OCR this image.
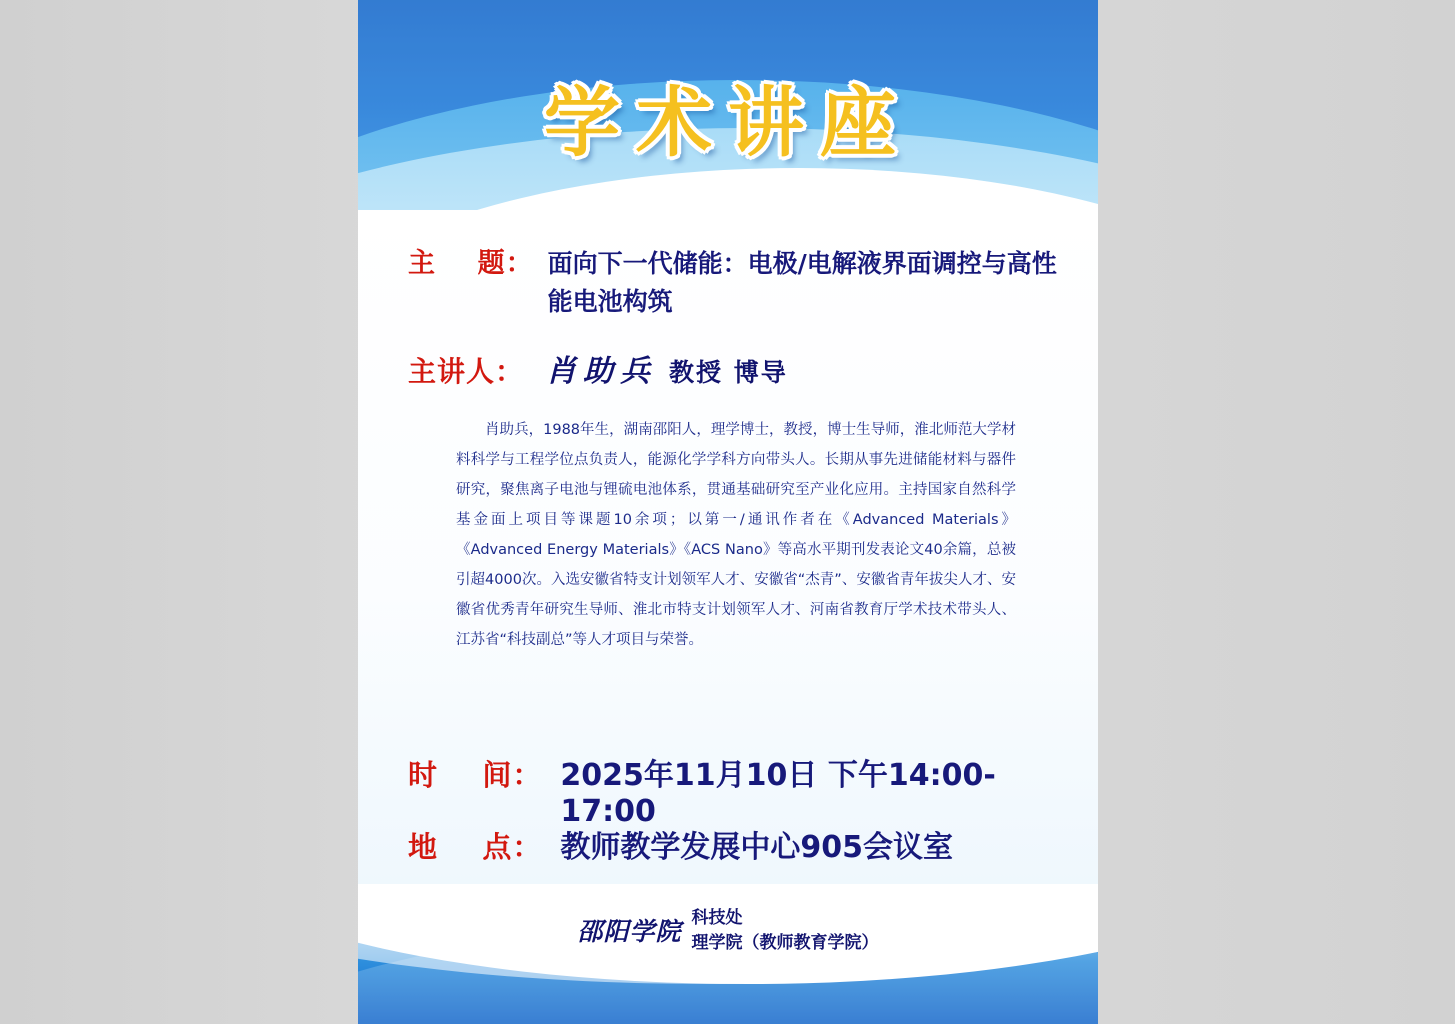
学术讲座
主    题： 面向下一代储能：电极/电解液界面调控与高性能电池构筑
主讲人： 肖助兵 教授 博导
肖助兵，1988年生，湖南邵阳人，理学博士，教授，博士生导师，淮北师范大学材料科学与工程学位点负责人，能源化学学科方向带头人。长期从事先进储能材料与器件研究，聚焦离子电池与锂硫电池体系，贯通基础研究至产业化应用。主持国家自然科学基金面上项目等课题10余项；以第一/通讯作者在《Advanced Materials》《Advanced Energy Materials》《ACS Nano》等高水平期刊发表论文40余篇，总被引超4000次。入选安徽省特支计划领军人才、安徽省“杰青”、安徽省青年拔尖人才、安徽省优秀青年研究生导师、淮北市特支计划领军人才、河南省教育厅学术技术带头人、江苏省“科技副总”等人才项目与荣誉。
时    间： 2025年11月10日 下午14:00-17:00
地    点： 教师教学发展中心905会议室
邵阳学院 科技处
理学院（教师教育学院）
